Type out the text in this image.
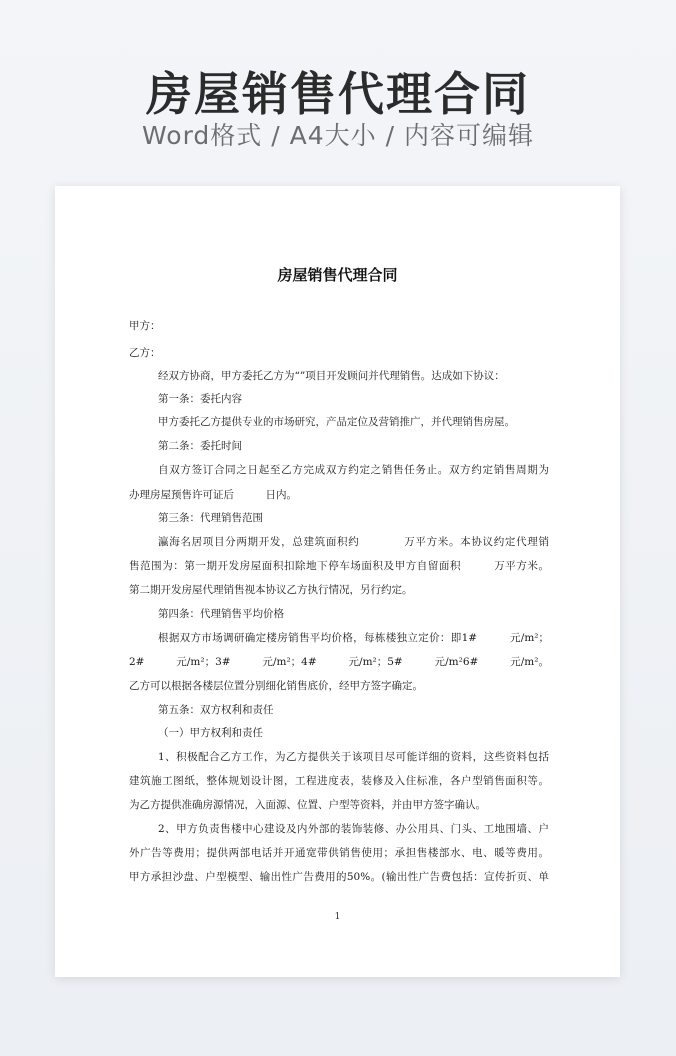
房屋销售代理合同
Word格式 / A4大小 / 内容可编辑
房屋销售代理合同
甲方：
乙方：
经双方协商，甲方委托乙方为“”项目开发顾问并代理销售。达成如下协议：
第一条：委托内容
甲方委托乙方提供专业的市场研究，产品定位及营销推广，并代理销售房屋。
第二条：委托时间
自双方签订合同之日起至乙方完成双方约定之销售任务止。双方约定销售周期为
办理房屋预售许可证后　　　日内。
第三条：代理销售范围
瀛海名居项目分两期开发，总建筑面积约　　　　万平方米。本协议约定代理销
售范围为：第一期开发房屋面积扣除地下停车场面积及甲方自留面积　　　万平方米。
第二期开发房屋代理销售视本协议乙方执行情况，另行约定。
第四条：代理销售平均价格
根据双方市场调研确定楼房销售平均价格，每栋楼独立定价：即1#　　　元/m²；
2#　　　元/m²；3#　　　元/m²；4#　　　元/m²；5#　　　元/m²6#　　　元/m²。
乙方可以根据各楼层位置分别细化销售底价，经甲方签字确定。
第五条：双方权利和责任
（一）甲方权利和责任
1、积极配合乙方工作，为乙方提供关于该项目尽可能详细的资料，这些资料包括
建筑施工图纸，整体规划设计图，工程进度表，装修及入住标准，各户型销售面积等。
为乙方提供准确房源情况，入面源、位置、户型等资料，并由甲方签字确认。
2、甲方负责售楼中心建设及内外部的装饰装修、办公用具、门头、工地围墙、户
外广告等费用；提供两部电话并开通宽带供销售使用；承担售楼部水、电、暖等费用。
甲方承担沙盘、户型模型、输出性广告费用的50%。(输出性广告费包括：宣传折页、单
1
